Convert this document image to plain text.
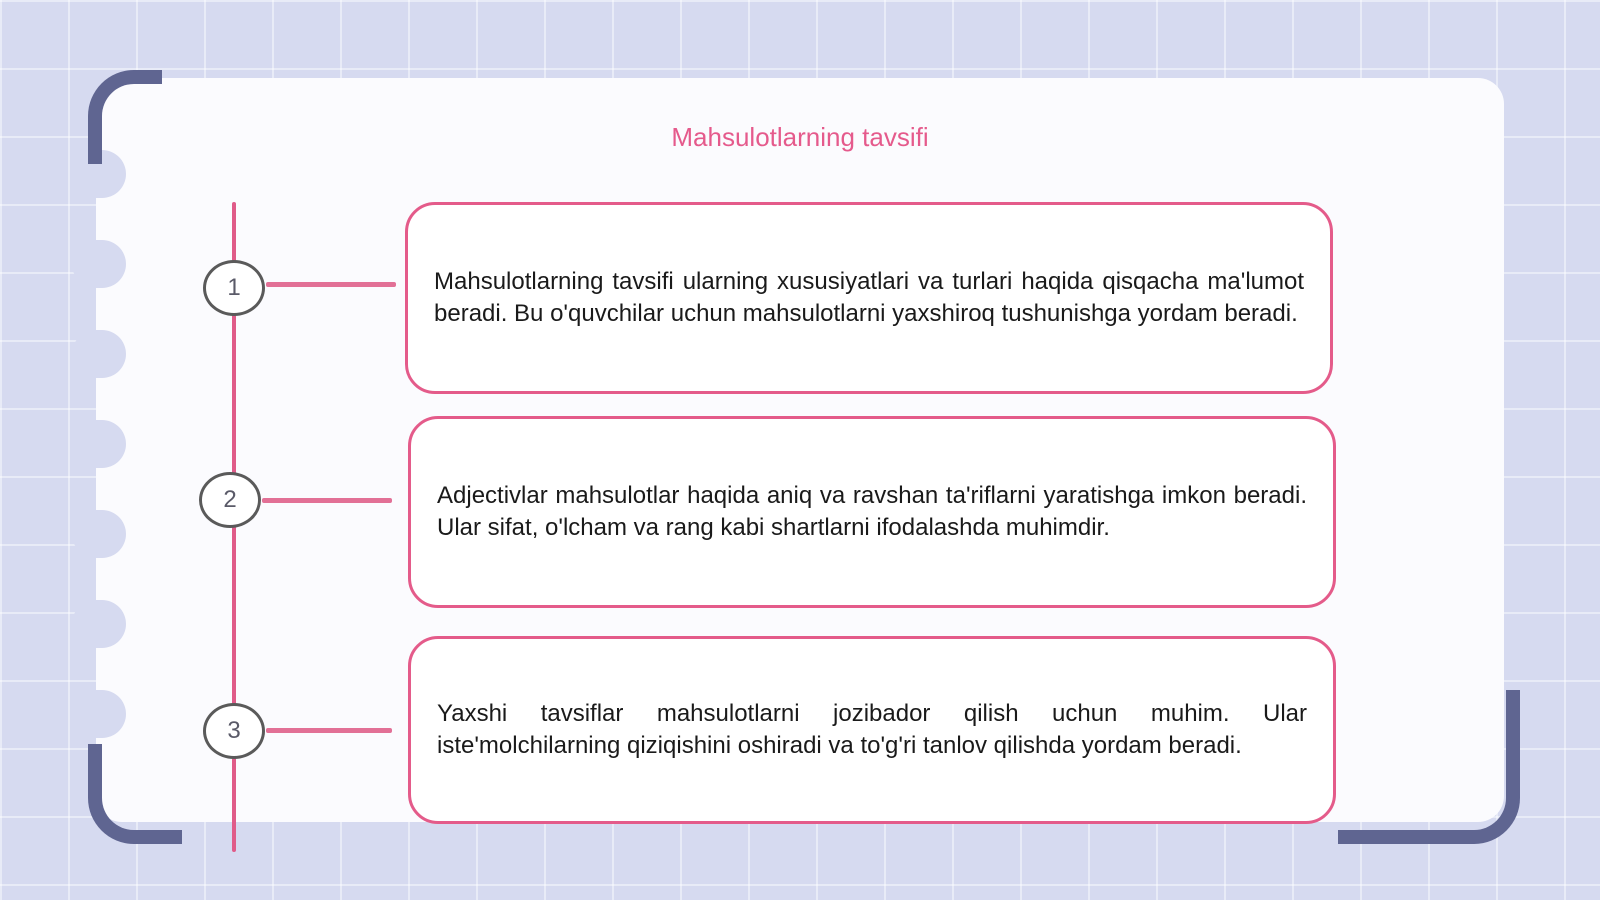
Mahsulotlarning tavsifi
1	Mahsulotlarning tavsifi ularning xususiyatlari va turlari haqida qisqacha ma'lumot beradi. Bu o'quvchilar uchun mahsulotlarni yaxshiroq tushunishga yordam beradi.

2	Adjectivlar mahsulotlar haqida aniq va ravshan ta'riflarni yaratishga imkon beradi. Ular sifat, o'lcham va rang kabi shartlarni ifodalashda muhimdir.

3

Yaxshi tavsiflar mahsulotlarni jozibador qilish uchun muhim. Ular iste'molchilarning qiziqishini oshiradi va to'g'ri tanlov qilishda yordam beradi.
